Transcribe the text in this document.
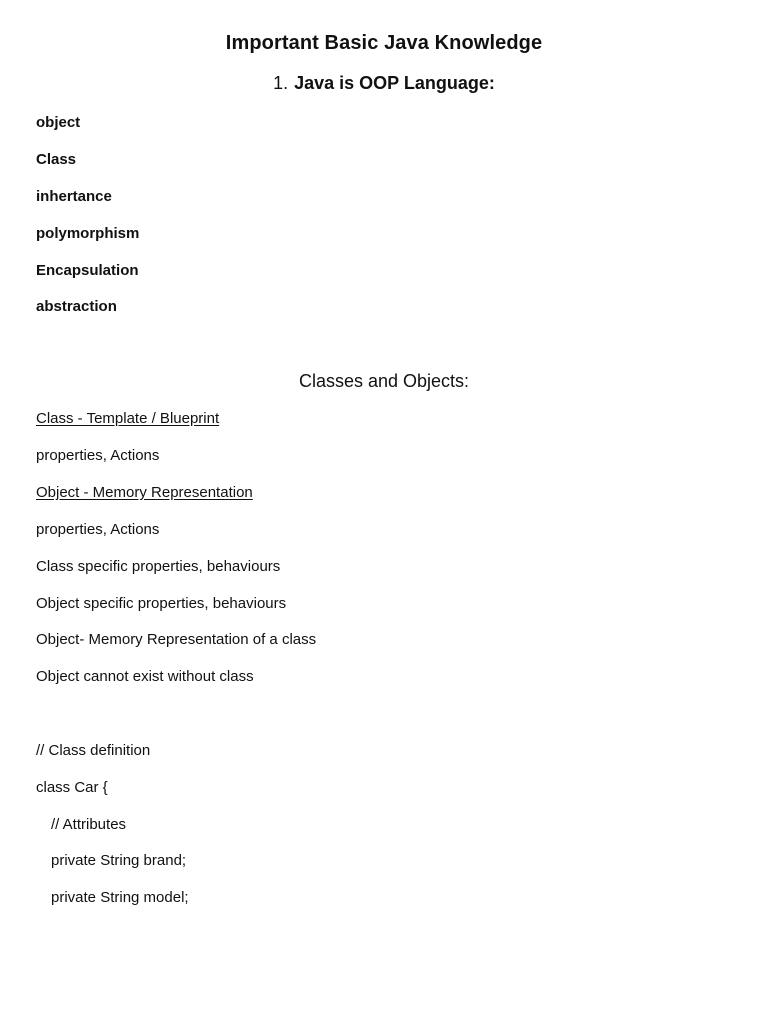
Important Basic Java Knowledge
1. Java is OOP Language:
object
Class
inhertance
polymorphism
Encapsulation
abstraction
Classes and Objects:
Class - Template / Blueprint
properties, Actions
Object - Memory Representation
properties, Actions
Class specific properties, behaviours
Object specific properties, behaviours
Object- Memory Representation of a class
Object cannot exist without class
// Class definition
class Car {
// Attributes
private String brand;
private String model;
